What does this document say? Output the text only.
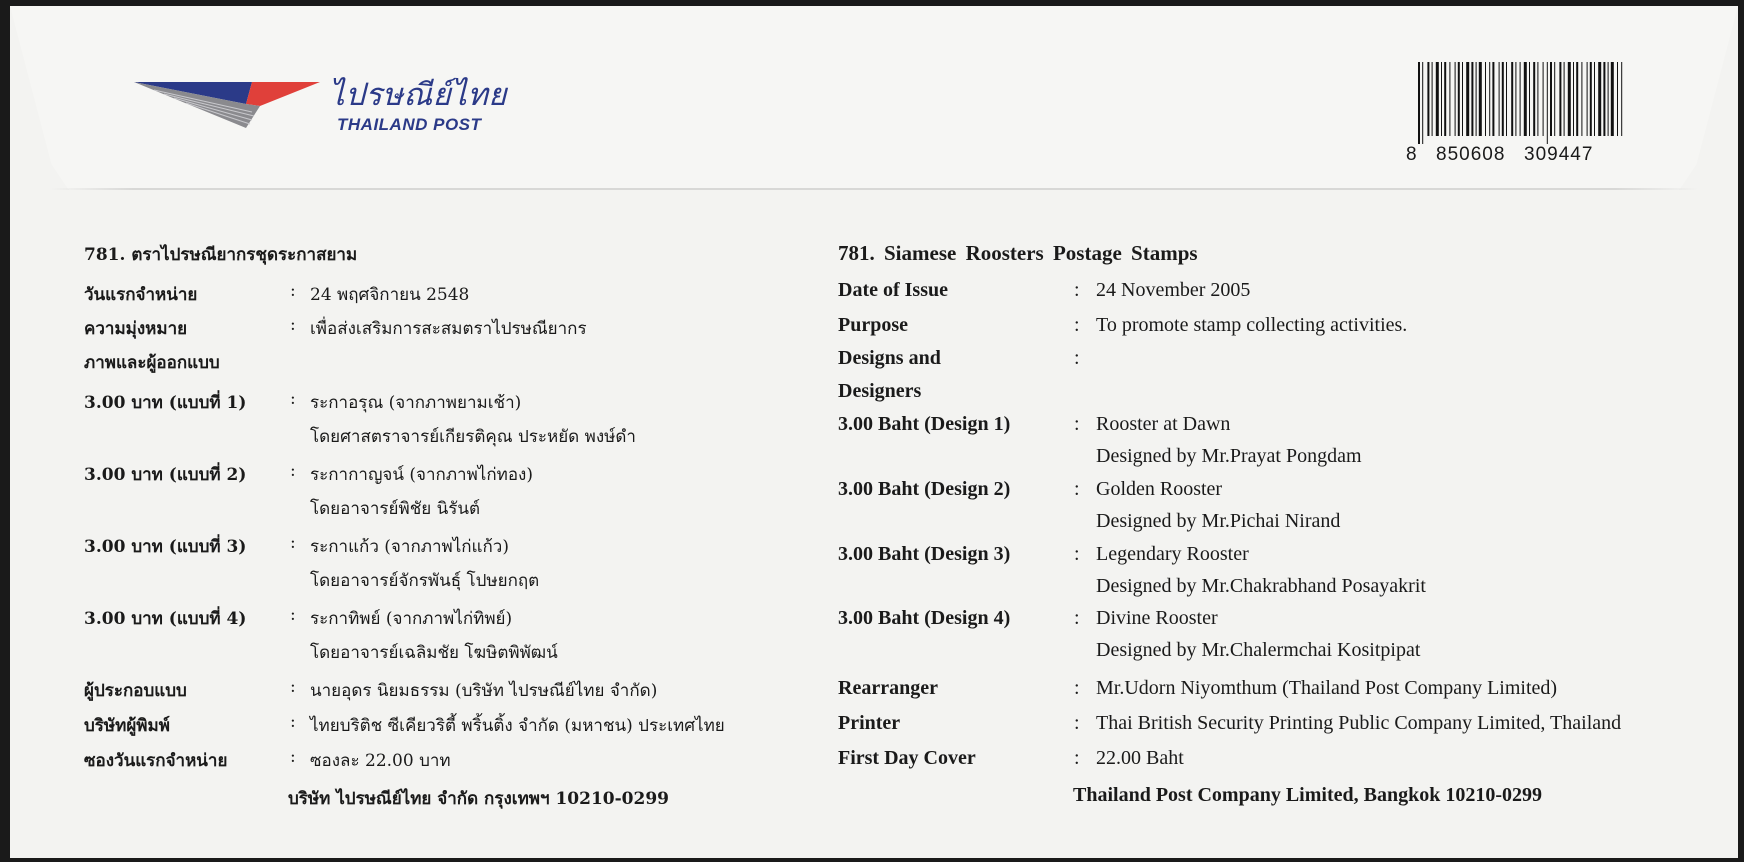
ไปรษณีย์ไทย
THAILAND POST
8 850608 309447
781. ตราไปรษณียากรชุดระกาสยาม
วันแรกจำหน่าย	: 24 พฤศจิกายน 2548
ความมุ่งหมาย	: เพื่อส่งเสริมการสะสมตราไปรษณียากร
ภาพและผู้ออกแบบ
3.00 บาท (แบบที่ 1)	: ระกาอรุณ (จากภาพยามเช้า)
โดยศาสตราจารย์เกียรติคุณ ประหยัด พงษ์ดำ
3.00 บาท (แบบที่ 2)	: ระกากาญจน์ (จากภาพไก่ทอง)
โดยอาจารย์พิชัย นิรันต์
3.00 บาท (แบบที่ 3)	: ระกาแก้ว (จากภาพไก่แก้ว)
โดยอาจารย์จักรพันธุ์ โปษยกฤต
3.00 บาท (แบบที่ 4)	: ระกาทิพย์ (จากภาพไก่ทิพย์)
โดยอาจารย์เฉลิมชัย โฆษิตพิพัฒน์
ผู้ประกอบแบบ	: นายอุดร นิยมธรรม (บริษัท ไปรษณีย์ไทย จำกัด)
บริษัทผู้พิมพ์	: ไทยบริติช ซีเคียวริตี้ พริ้นติ้ง จำกัด (มหาชน) ประเทศไทย
ซองวันแรกจำหน่าย	: ซองละ 22.00 บาท
บริษัท ไปรษณีย์ไทย จำกัด กรุงเทพฯ 10210-0299
781. Siamese Roosters Postage Stamps
Date of Issue	: 24 November 2005
Purpose	: To promote stamp collecting activities.
Designs and	:
Designers
3.00 Baht (Design 1)	: Rooster at Dawn
Designed by Mr.Prayat Pongdam
3.00 Baht (Design 2)	: Golden Rooster
Designed by Mr.Pichai Nirand
3.00 Baht (Design 3)	: Legendary Rooster
Designed by Mr.Chakrabhand Posayakrit
3.00 Baht (Design 4)	: Divine Rooster
Designed by Mr.Chalermchai Kositpipat
Rearranger	: Mr.Udorn Niyomthum (Thailand Post Company Limited)
Printer	: Thai British Security Printing Public Company Limited, Thailand
First Day Cover	: 22.00 Baht
Thailand Post Company Limited, Bangkok 10210-0299
